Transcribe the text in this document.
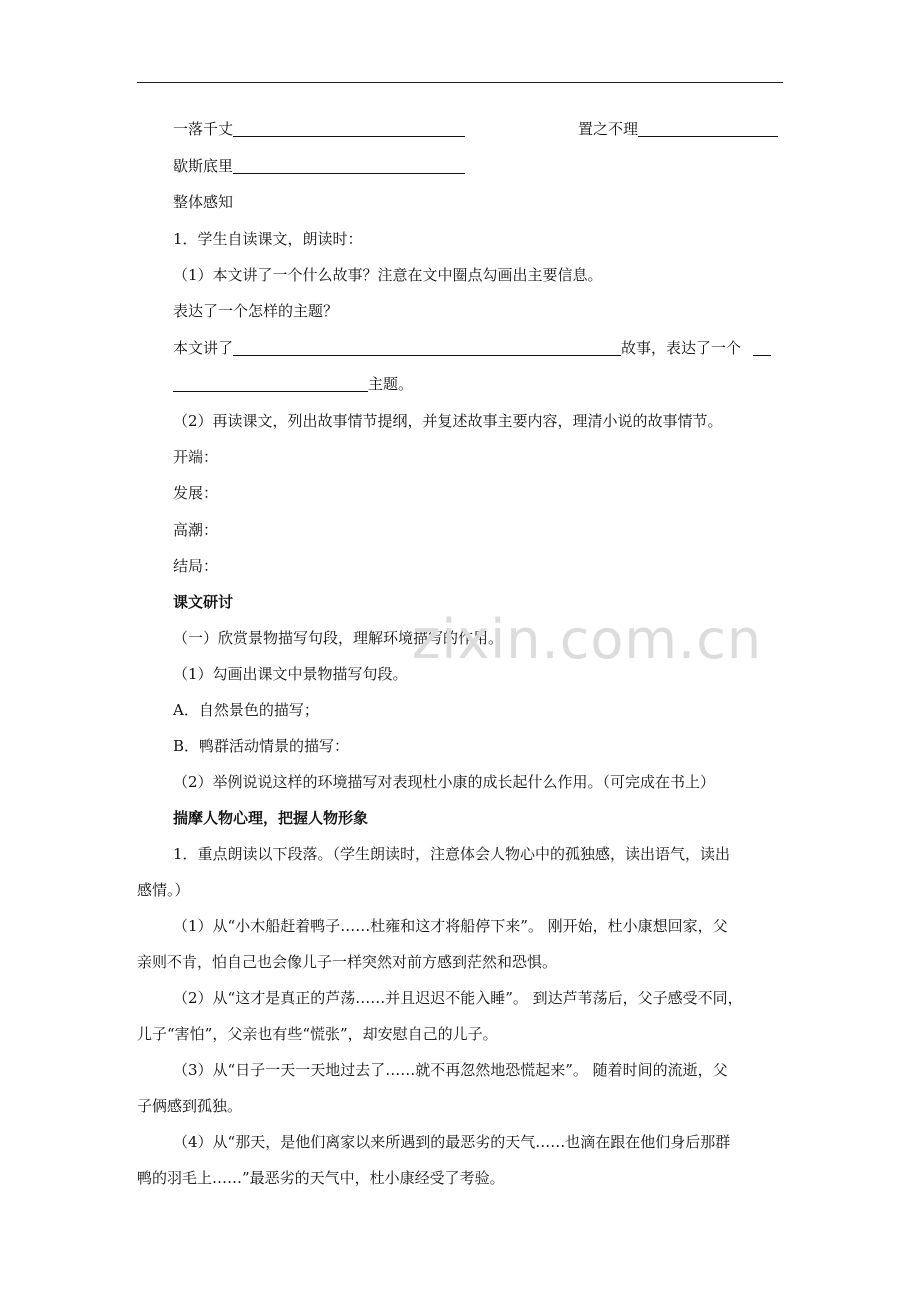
一落千丈	置之不理
歇斯底里
整体感知
1．学生自读课文，朗读时：
（1）本文讲了一个什么故事？注意在文中圈点勾画出主要信息。
表达了一个怎样的主题？
本文讲了	故事，表达了一个
主题。
（2）再读课文，列出故事情节提纲，并复述故事主要内容，理清小说的故事情节。
开端：
发展：
高潮：
结局：
课文研讨
（一）欣赏景物描写句段，理解环境描写的作用。
（1）勾画出课文中景物描写句段。
A．自然景色的描写；
B．鸭群活动情景的描写：
（2）举例说说这样的环境描写对表现杜小康的成长起什么作用。（可完成在书上）
揣摩人物心理，把握人物形象
1．重点朗读以下段落。（学生朗读时，注意体会人物心中的孤独感，读出语气，读出
感情。）
（1）从“小木船赶着鸭子……杜雍和这才将船停下来”。 刚开始，杜小康想回家，父
亲则不肯，怕自己也会像儿子一样突然对前方感到茫然和恐惧。
（2）从“这才是真正的芦荡……并且迟迟不能入睡”。 到达芦苇荡后，父子感受不同，
儿子“害怕”，父亲也有些“慌张”，却安慰自己的儿子。
（3）从“日子一天一天地过去了……就不再忽然地恐慌起来”。 随着时间的流逝，父
子俩感到孤独。
（4）从“那天，是他们离家以来所遇到的最恶劣的天气……也滴在跟在他们身后那群
鸭的羽毛上……”最恶劣的天气中，杜小康经受了考验。
zixin.com.cn
